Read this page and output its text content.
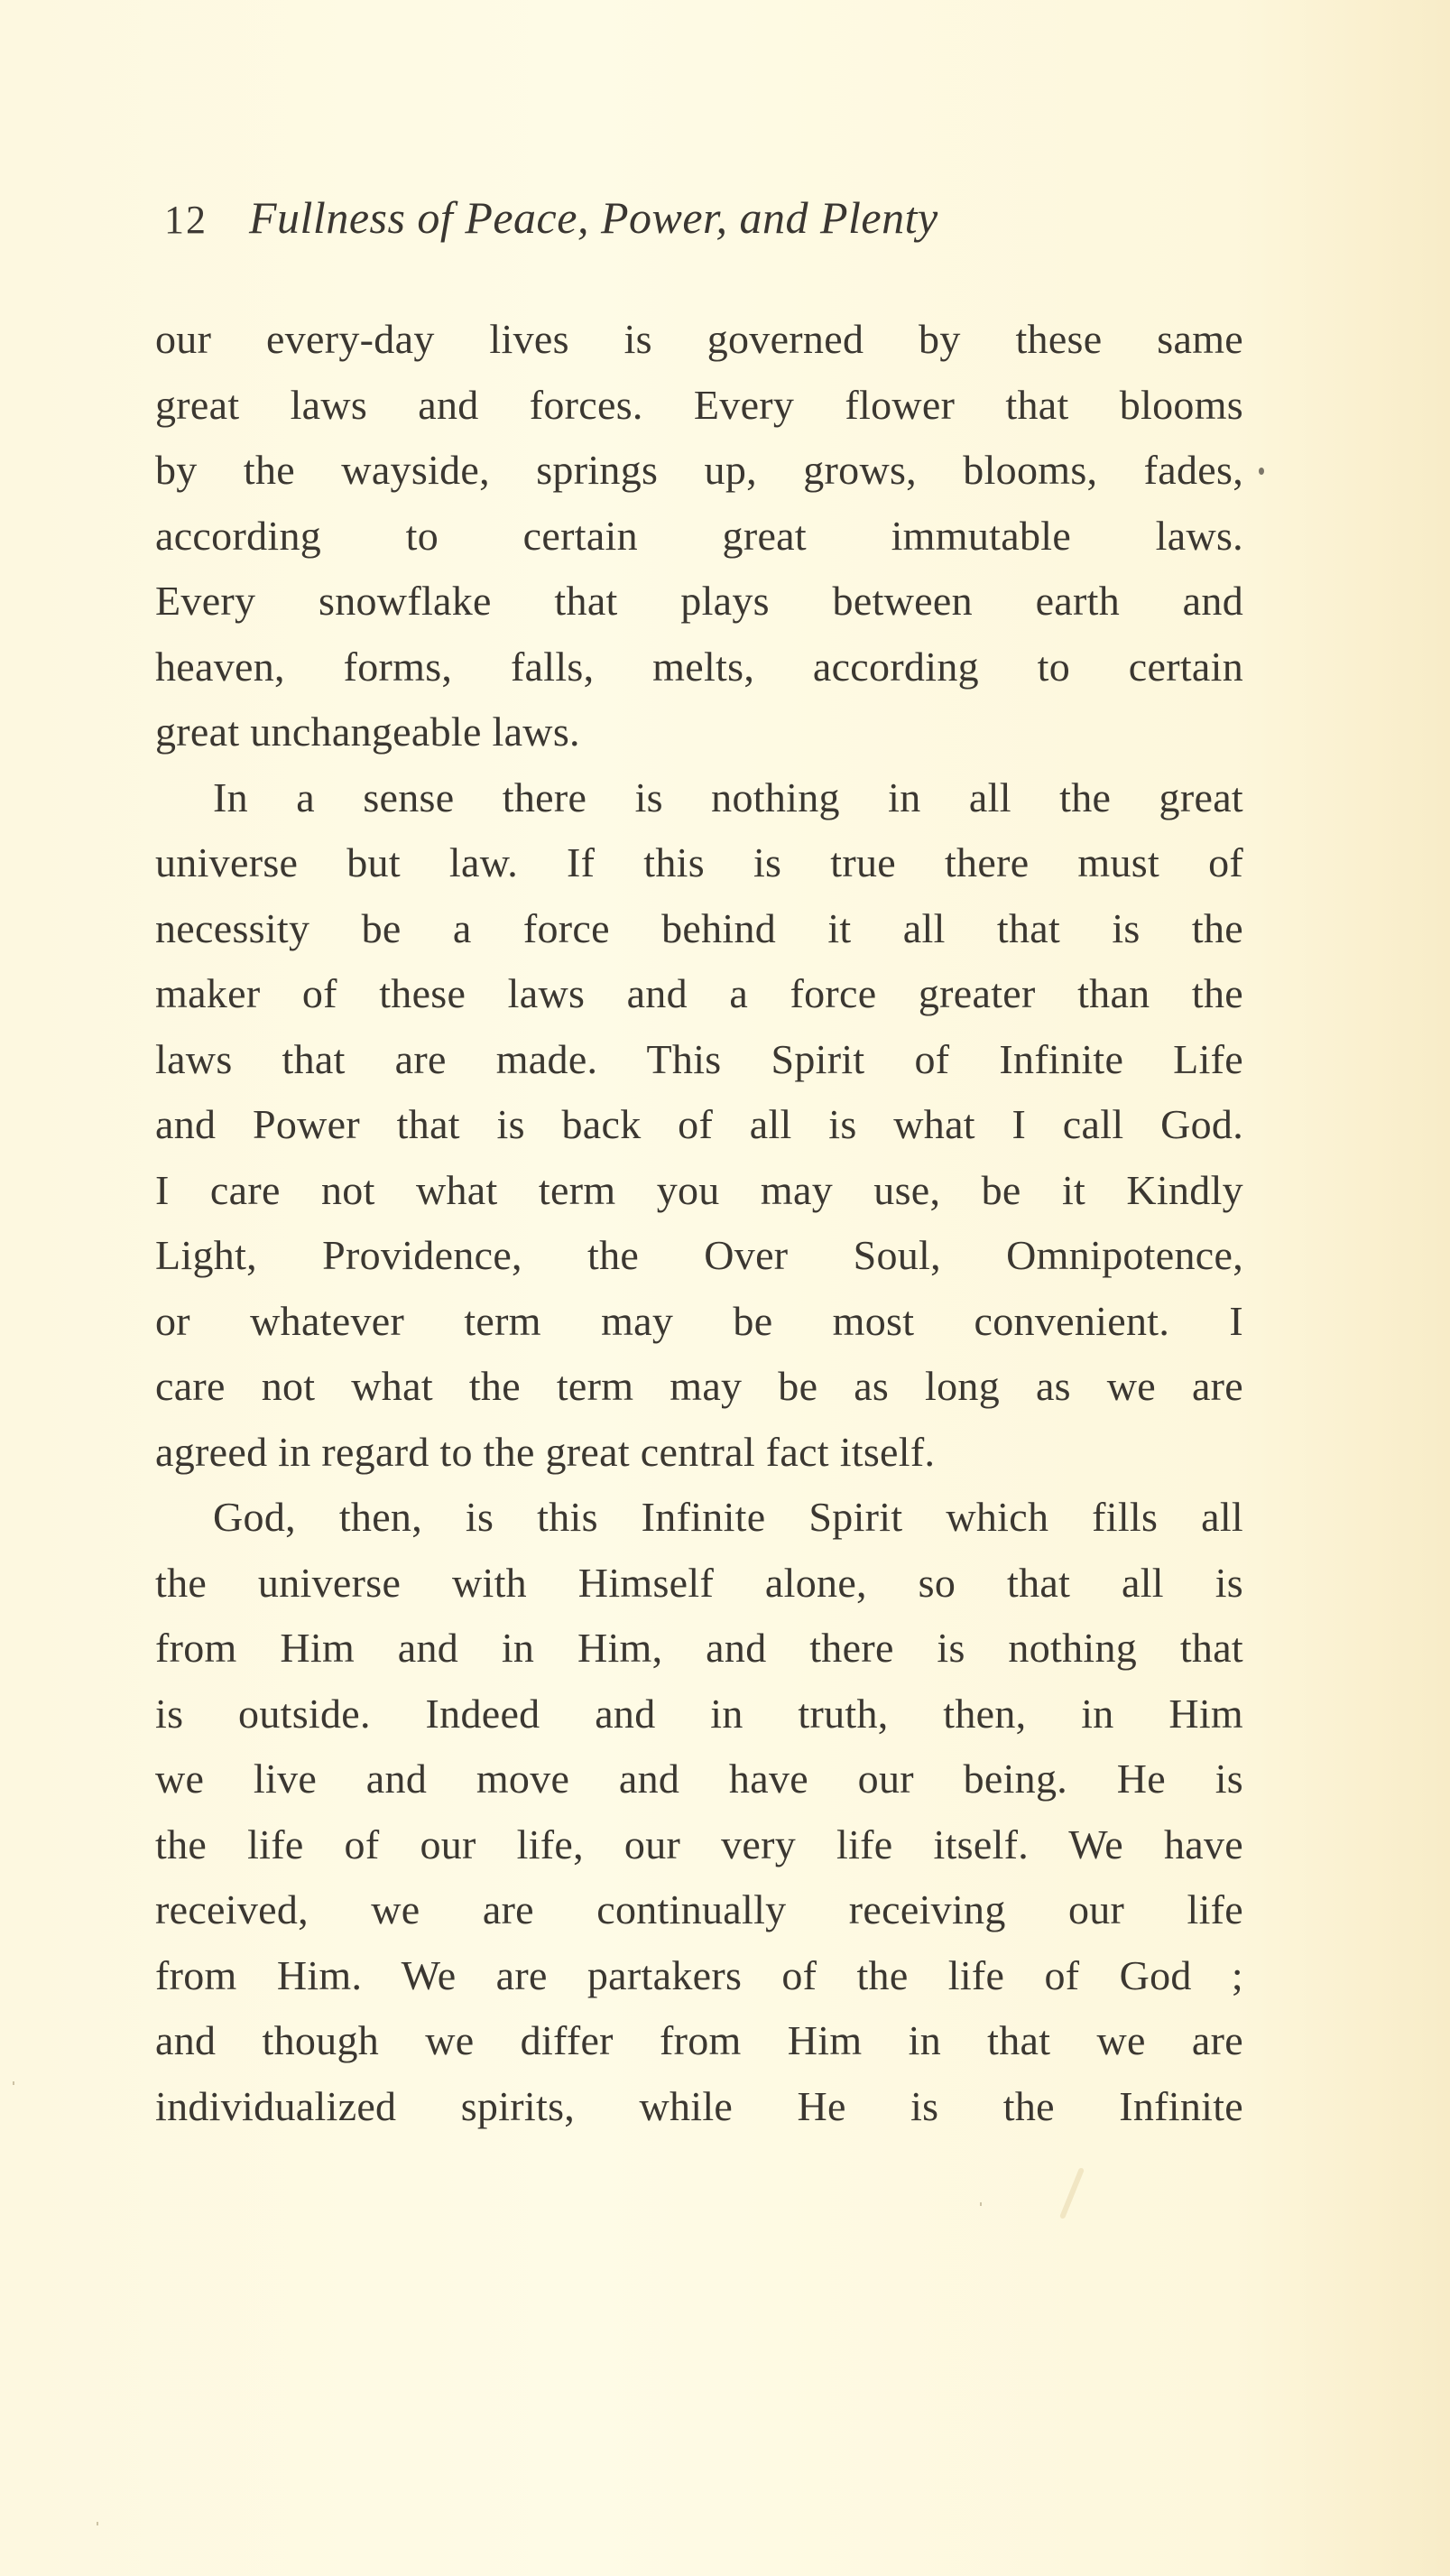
12 Fullness of Peace, Power, and Plenty
our every-day lives is governed by these same
great laws and forces. Every flower that blooms
by the wayside, springs up, grows, blooms, fades,
according to certain great immutable laws.
Every snowflake that plays between earth and
heaven, forms, falls, melts, according to certain
great unchangeable laws.
In a sense there is nothing in all the great
universe but law. If this is true there must of
necessity be a force behind it all that is the
maker of these laws and a force greater than the
laws that are made. This Spirit of Infinite Life
and Power that is back of all is what I call God.
I care not what term you may use, be it Kindly
Light, Providence, the Over Soul, Omnipotence,
or whatever term may be most convenient. I
care not what the term may be as long as we are
agreed in regard to the great central fact itself.
God, then, is this Infinite Spirit which fills all
the universe with Himself alone, so that all is
from Him and in Him, and there is nothing that
is outside. Indeed and in truth, then, in Him
we live and move and have our being. He is
the life of our life, our very life itself. We have
received, we are continually receiving our life
from Him. We are partakers of the life of God ;
and though we differ from Him in that we are
individualized spirits, while He is the Infinite
